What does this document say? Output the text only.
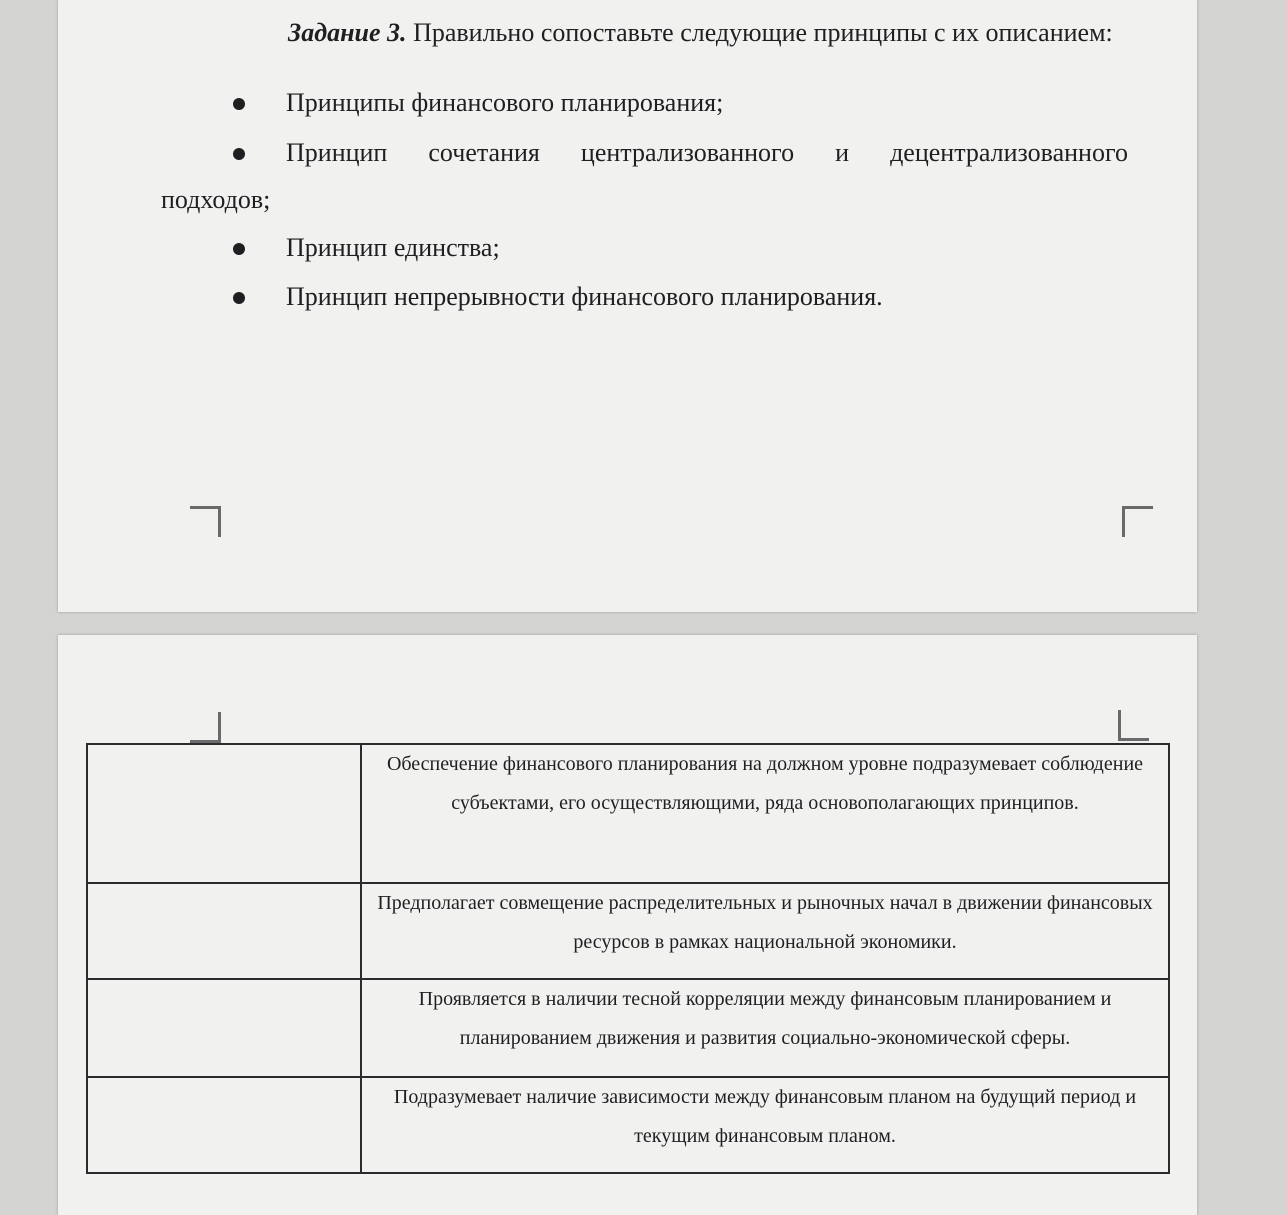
Задание 3. Правильно сопоставьте следующие принципы с их описанием:
Принципы финансового планирования;
Принцип сочетания централизованного и децентрализованного
подходов;
Принцип единства;
Принцип непрерывности финансового планирования.
	Обеспечение финансового планирования на должном уровне подразумевает соблюдение субъектами, его осуществляющими, ряда основополагающих принципов.
	Предполагает совмещение распределительных и рыночных начал в движении финансовых ресурсов в рамках национальной экономики.
	Проявляется в наличии тесной корреляции между финансовым планированием и планированием движения и развития социально-экономической сферы.
	Подразумевает наличие зависимости между финансовым планом на будущий период и текущим финансовым планом.
